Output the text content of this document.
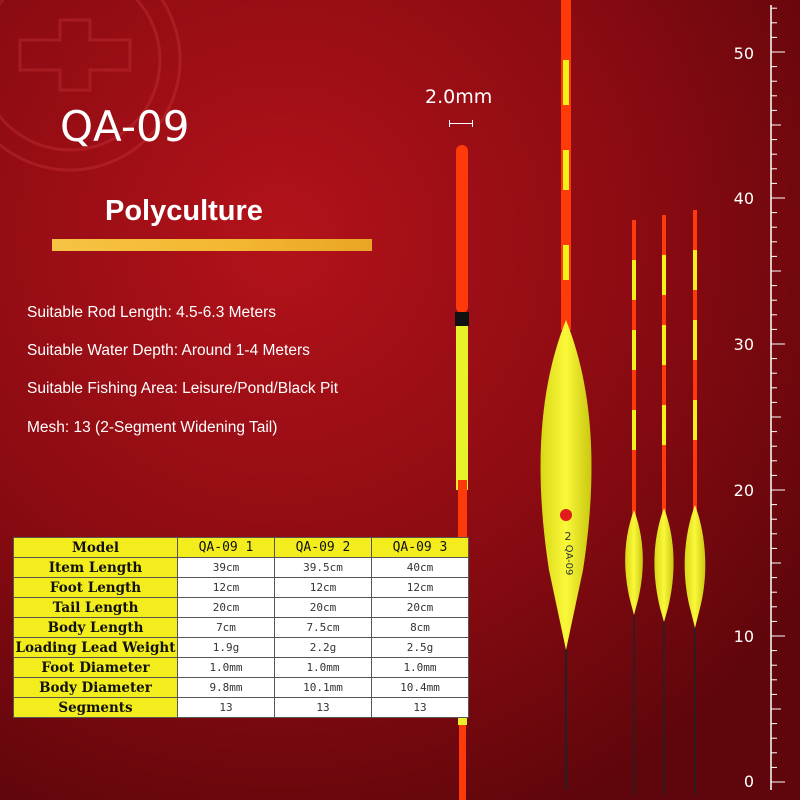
2
QA-09
QA-09
Polyculture
Suitable Rod Length: 4.5-6.3 Meters
Suitable Water Depth: Around 1-4 Meters
Suitable Fishing Area: Leisure/Pond/Black Pit
Mesh: 13 (2-Segment Widening Tail)
2.0mm
50
40
30
20
10
0
Model	QA-09 1	QA-09 2	QA-09 3
Item Length	39cm	39.5cm	40cm
Foot Length	12cm	12cm	12cm
Tail Length	20cm	20cm	20cm
Body Length	7cm	7.5cm	8cm
Loading Lead Weight	1.9g	2.2g	2.5g
Foot Diameter	1.0mm	1.0mm	1.0mm
Body Diameter	9.8mm	10.1mm	10.4mm
Segments	13	13	13
